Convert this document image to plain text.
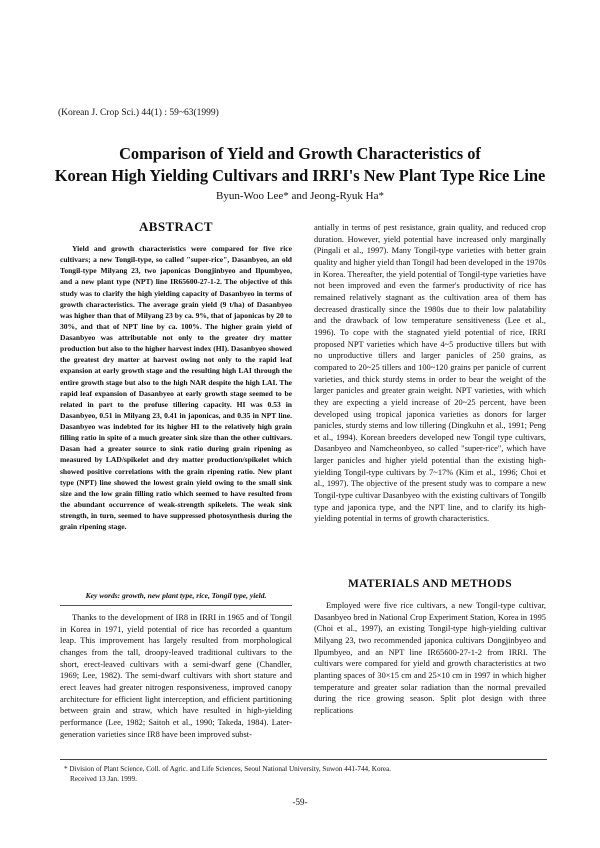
(Korean J. Crop Sci.) 44(1) : 59~63(1999)
Comparison of Yield and Growth Characteristics of
Korean High Yielding Cultivars and IRRI's New Plant Type Rice Line
Byun-Woo Lee* and Jeong-Ryuk Ha*
ABSTRACT

Yield and growth characteristics were compared for five rice cultivars; a new Tongil-type, so called "super-rice", Dasanbyeo, an old Tongil-type Milyang 23, two japonicas Dongjinbyeo and Ilpumbyeo, and a new plant type (NPT) line IR65600-27-1-2. The objective of this study was to clarify the high yielding capacity of Dasanbyeo in terms of growth characteristics. The average grain yield (9 t/ha) of Dasanbyeo was higher than that of Milyang 23 by ca. 9%, that of japonicas by 20 to 30%, and that of NPT line by ca. 100%. The higher grain yield of Dasanbyeo was attributable not only to the greater dry matter production but also to the higher harvest index (HI). Dasanbyeo showed the greatest dry matter at harvest owing not only to the rapid leaf expansion at early growth stage and the resulting high LAI through the entire growth stage but also to the high NAR despite the high LAI. The rapid leaf expansion of Dasanbyeo at early growth stage seemed to be related in part to the profuse tillering capacity. HI was 0.53 in Dasanbyeo, 0.51 in Milyang 23, 0.41 in japonicas, and 0.35 in NPT line. Dasanbyeo was indebted for its higher HI to the relatively high grain filling ratio in spite of a much greater sink size than the other cultivars. Dasan had a greater source to sink ratio during grain ripening as measured by LAD/spikelet and dry matter production/spikelet which showed positive correlations with the grain ripening ratio. New plant type (NPT) line showed the lowest grain yield owing to the small sink size and the low grain filling ratio which seemed to have resulted from the abundant occurrence of weak-strength spikelets. The weak sink strength, in turn, seemed to have suppressed photosynthesis during the grain ripening stage.

Key words: growth, new plant type, rice, Tongil type, yield.

Thanks to the development of IR8 in IRRI in 1965 and of Tongil in Korea in 1971, yield potential of rice has recorded a quantum leap. This improvement has largely resulted from morphological changes from the tall, droopy-leaved traditional cultivars to the short, erect-leaved cultivars with a semi-dwarf gene (Chandler, 1969; Lee, 1982). The semi-dwarf cultivars with short stature and erect leaves had greater nitrogen responsiveness, improved canopy architecture for efficient light interception, and efficient partitioning between grain and straw, which have resulted in high-yielding performance (Lee, 1982; Saitoh et al., 1990; Takeda, 1984). Later-generation varieties since IR8 have been improved subst-

antially in terms of pest resistance, grain quality, and reduced crop duration. However, yield potential have increased only marginally (Pingali et al., 1997). Many Tongil-type varieties with better grain quality and higher yield than Tongil had been developed in the 1970s in Korea. Thereafter, the yield potential of Tongil-type varieties have not been improved and even the farmer's productivity of rice has remained relatively stagnant as the cultivation area of them has decreased drastically since the 1980s due to their low palatability and the drawback of low temperature sensitiveness (Lee et al., 1996). To cope with the stagnated yield potential of rice, IRRI proposed NPT varieties which have 4~5 productive tillers but with no unproductive tillers and larger panicles of 250 grains, as compared to 20~25 tillers and 100~120 grains per panicle of current varieties, and thick sturdy stems in order to bear the weight of the larger panicles and greater grain weight. NPT varieties, with which they are expecting a yield increase of 20~25 percent, have been developed using tropical japonica varieties as donors for larger panicles, sturdy stems and low tillering (Dingkuhn et al., 1991; Peng et al., 1994). Korean breeders developed new Tongil type cultivars, Dasanbyeo and Namcheonbyeo, so called "super-rice", which have larger panicles and higher yield potential than the existing high-yielding Tongil-type cultivars by 7~17% (Kim et al., 1996; Choi et al., 1997). The objective of the present study was to compare a new Tongil-type cultivar Dasanbyeo with the existing cultivars of Tongilb type and japonica type, and the NPT line, and to clarify its high-yielding potential in terms of growth characteristics.

MATERIALS AND METHODS

Employed were five rice cultivars, a new Tongil-type cultivar, Dasanbyeo bred in National Crop Experiment Station, Korea in 1995 (Choi et al., 1997), an existing Tongil-type high-yielding cultivar Milyang 23, two recommended japonica cultivars Dongjinbyeo and Ilpumbyeo, and an NPT line IR65600-27-1-2 from IRRI. The cultivars were compared for yield and growth characteristics at two planting spaces of 30×15 cm and 25×10 cm in 1997 in which higher temperature and greater solar radiation than the normal prevailed during the rice growing season. Split plot design with three replications

* Division of Plant Science, Coll. of Agric. and Life Sciences, Seoul National University, Suwon 441-744, Korea.
Received 13 Jan. 1999.
-59-
